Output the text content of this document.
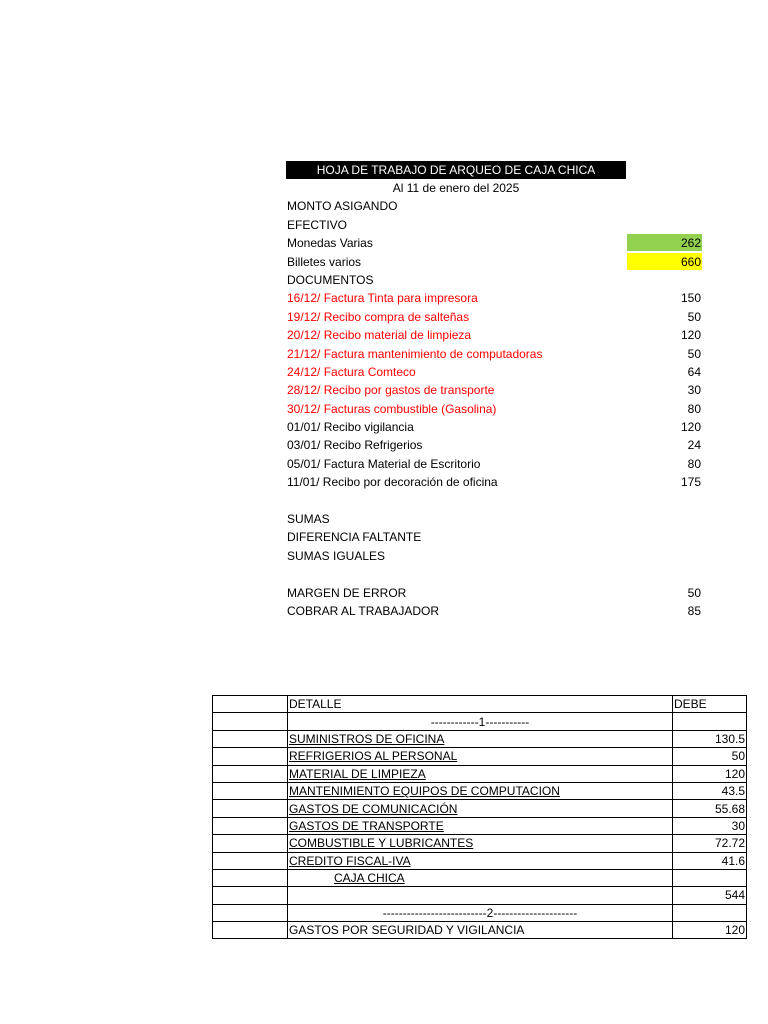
HOJA DE TRABAJO DE ARQUEO DE CAJA CHICA
Al 11 de enero del 2025
MONTO ASIGANDO
EFECTIVO
Monedas Varias	262
Billetes varios	660
DOCUMENTOS
16/12/ Factura Tinta para impresora	150
19/12/ Recibo compra de salteñas	50
20/12/ Recibo material de limpieza	120
21/12/ Factura mantenimiento de computadoras	50
24/12/ Factura Comteco	64
28/12/ Recibo por gastos de transporte	30
30/12/ Facturas combustible (Gasolina)	80
01/01/ Recibo vigilancia	120
03/01/ Recibo Refrigerios	24
05/01/ Factura Material de Escritorio	80
11/01/ Recibo por decoración de oficina	175
SUMAS
DIFERENCIA FALTANTE
SUMAS IGUALES
MARGEN DE ERROR	50
COBRAR AL TRABAJADOR	85
	DETALLE	DEBE
	------------1-----------	
	SUMINISTROS DE OFICINA	130.5
	REFRIGERIOS AL PERSONAL	50
	MATERIAL DE LIMPIEZA	120
	MANTENIMIENTO EQUIPOS DE COMPUTACION	43.5
	GASTOS DE COMUNICACIÓN	55.68
	GASTOS DE TRANSPORTE	30
	COMBUSTIBLE Y LUBRICANTES	72.72
	CREDITO FISCAL-IVA	41.6
	CAJA CHICA	
		544
	--------------------------2---------------------	
	GASTOS POR SEGURIDAD Y VIGILANCIA	120
